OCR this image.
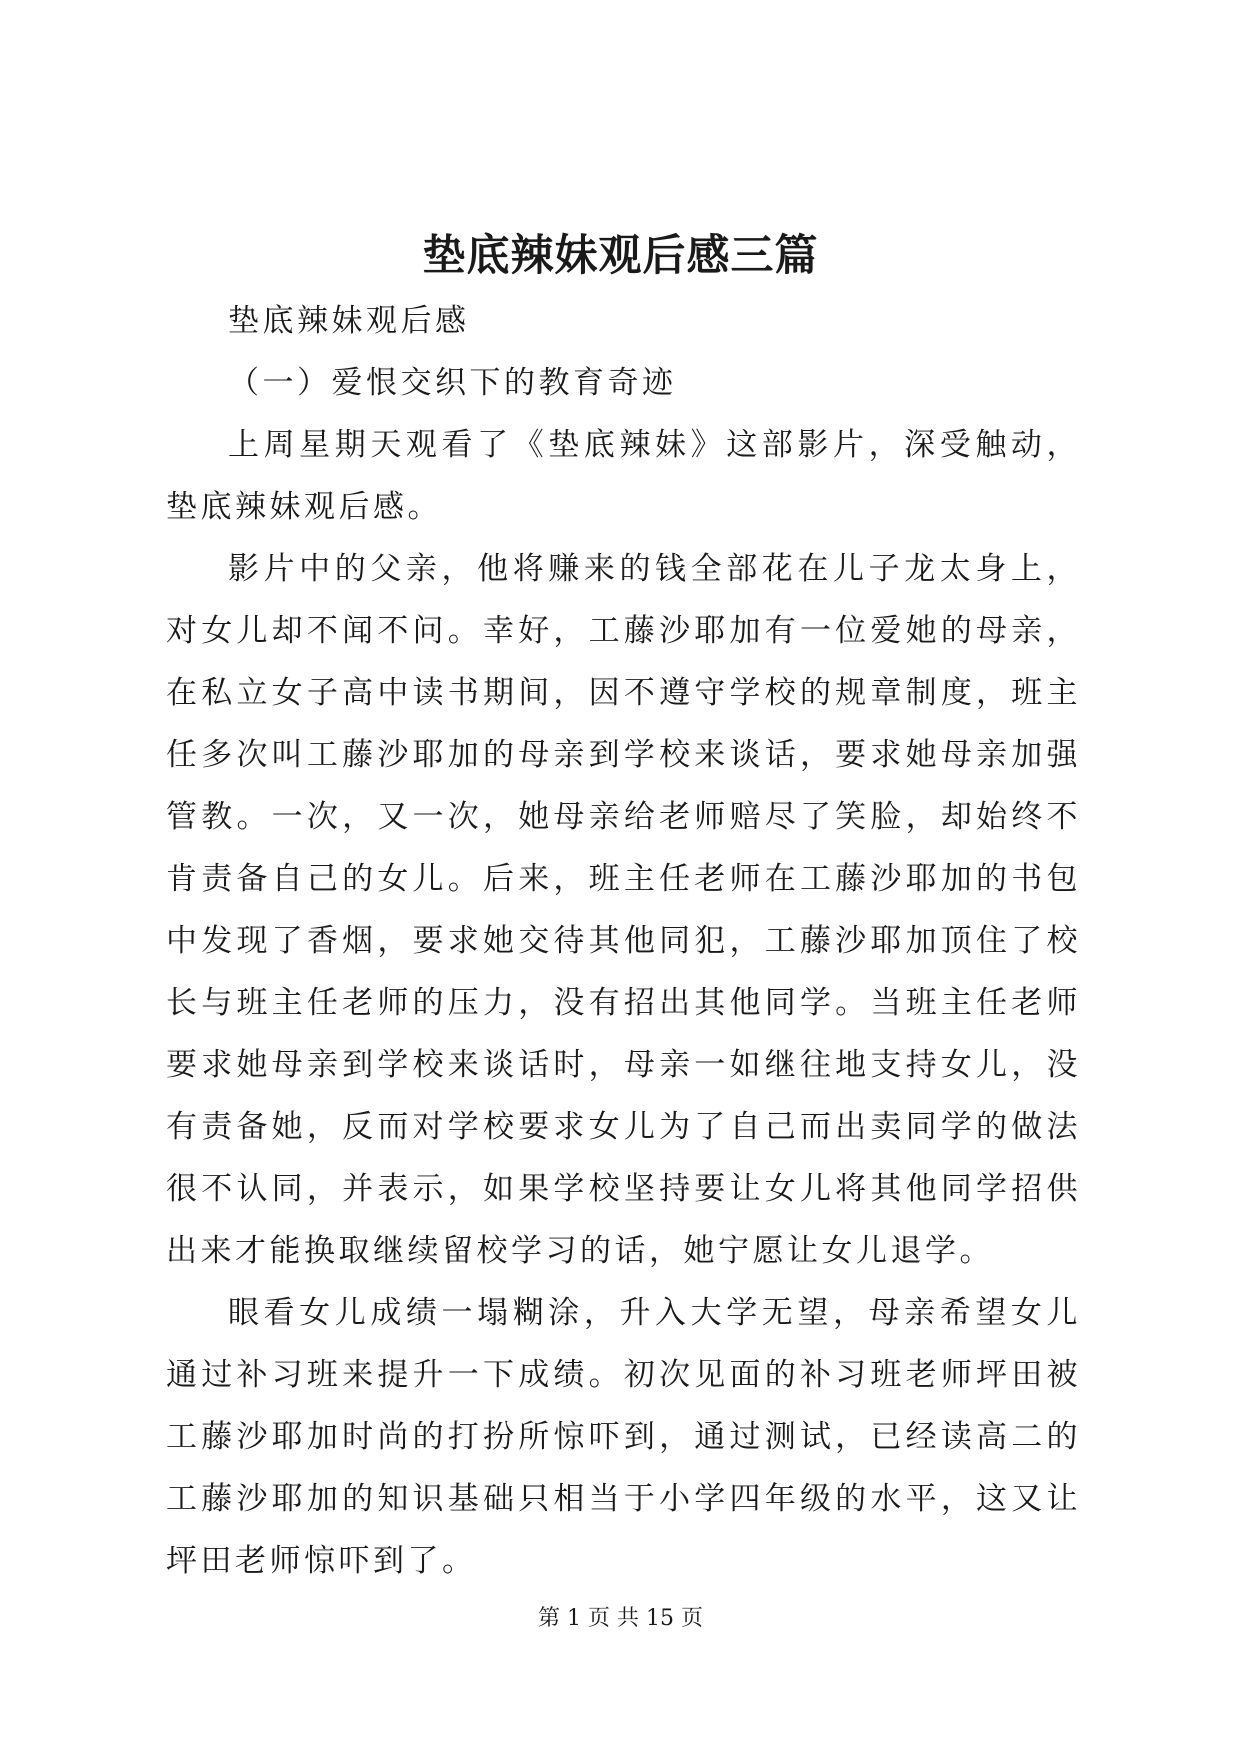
垫底辣妹观后感三篇

垫底辣妹观后感

（一）爱恨交织下的教育奇迹

上周星期天观看了《垫底辣妹》这部影片，深受触动，垫底辣妹观后感。

影片中的父亲，他将赚来的钱全部花在儿子龙太身上，对女儿却不闻不问。幸好，工藤沙耶加有一位爱她的母亲，在私立女子高中读书期间，因不遵守学校的规章制度，班主任多次叫工藤沙耶加的母亲到学校来谈话，要求她母亲加强管教。一次，又一次，她母亲给老师赔尽了笑脸，却始终不肯责备自己的女儿。后来，班主任老师在工藤沙耶加的书包中发现了香烟，要求她交待其他同犯，工藤沙耶加顶住了校长与班主任老师的压力，没有招出其他同学。当班主任老师要求她母亲到学校来谈话时，母亲一如继往地支持女儿，没有责备她，反而对学校要求女儿为了自己而出卖同学的做法很不认同，并表示，如果学校坚持要让女儿将其他同学招供出来才能换取继续留校学习的话，她宁愿让女儿退学。

眼看女儿成绩一塌糊涂，升入大学无望，母亲希望女儿通过补习班来提升一下成绩。初次见面的补习班老师坪田被工藤沙耶加时尚的打扮所惊吓到，通过测试，已经读高二的工藤沙耶加的知识基础只相当于小学四年级的水平，这又让坪田老师惊吓到了。

第 1 页 共 15 页
